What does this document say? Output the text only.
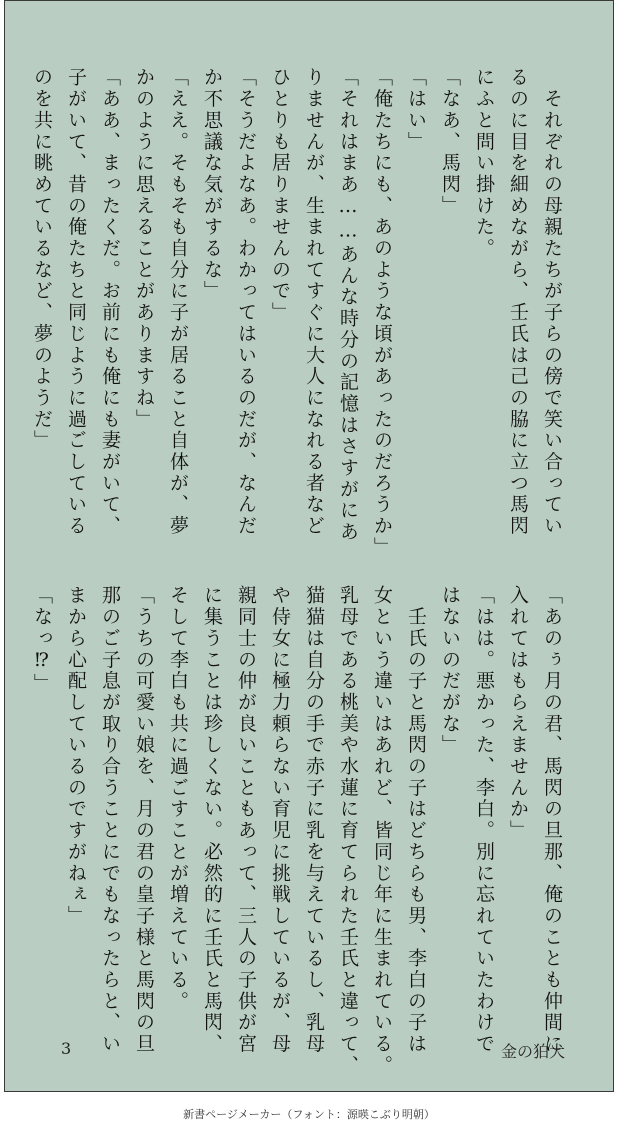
　それぞれの母親たちが子らの傍で笑い合ってい
るのに目を細めながら、壬氏は己の脇に立つ馬閃
にふと問い掛けた。
「なあ、馬閃」
「はい」
「俺たちにも、あのような頃があったのだろうか」
「それはまあ……あんな時分の記憶はさすがにあ
りませんが、生まれてすぐに大人になれる者など
ひとりも居りませんので」
「そうだよなあ。わかってはいるのだが、なんだ
か不思議な気がするな」
「ええ。そもそも自分に子が居ること自体が、夢
かのように思えることがありますね」
「ああ、まったくだ。お前にも俺にも妻がいて、
子がいて、昔の俺たちと同じように過ごしている
のを共に眺めているなど、夢のようだ」
「あのぅ月の君、馬閃の旦那、俺のことも仲間に
入れてはもらえませんか」
「はは。悪かった、李白。別に忘れていたわけで
はないのだがな」
　壬氏の子と馬閃の子はどちらも男、李白の子は
女という違いはあれど、皆同じ年に生まれている。
乳母である桃美や水蓮に育てられた壬氏と違って、
猫猫は自分の手で赤子に乳を与えているし、乳母
や侍女に極力頼らない育児に挑戦しているが、母
親同士の仲が良いこともあって、三人の子供が宮
に集うことは珍しくない。必然的に壬氏と馬閃、
そして李白も共に過ごすことが増えている。
「うちの可愛い娘を、月の君の皇子様と馬閃の旦
那のご子息が取り合うことにでもなったらと、い
まから心配しているのですがねぇ」
「なっ⁉」
3	金の狛犬
新書ページメーカー（フォント：源暎こぶり明朝）
